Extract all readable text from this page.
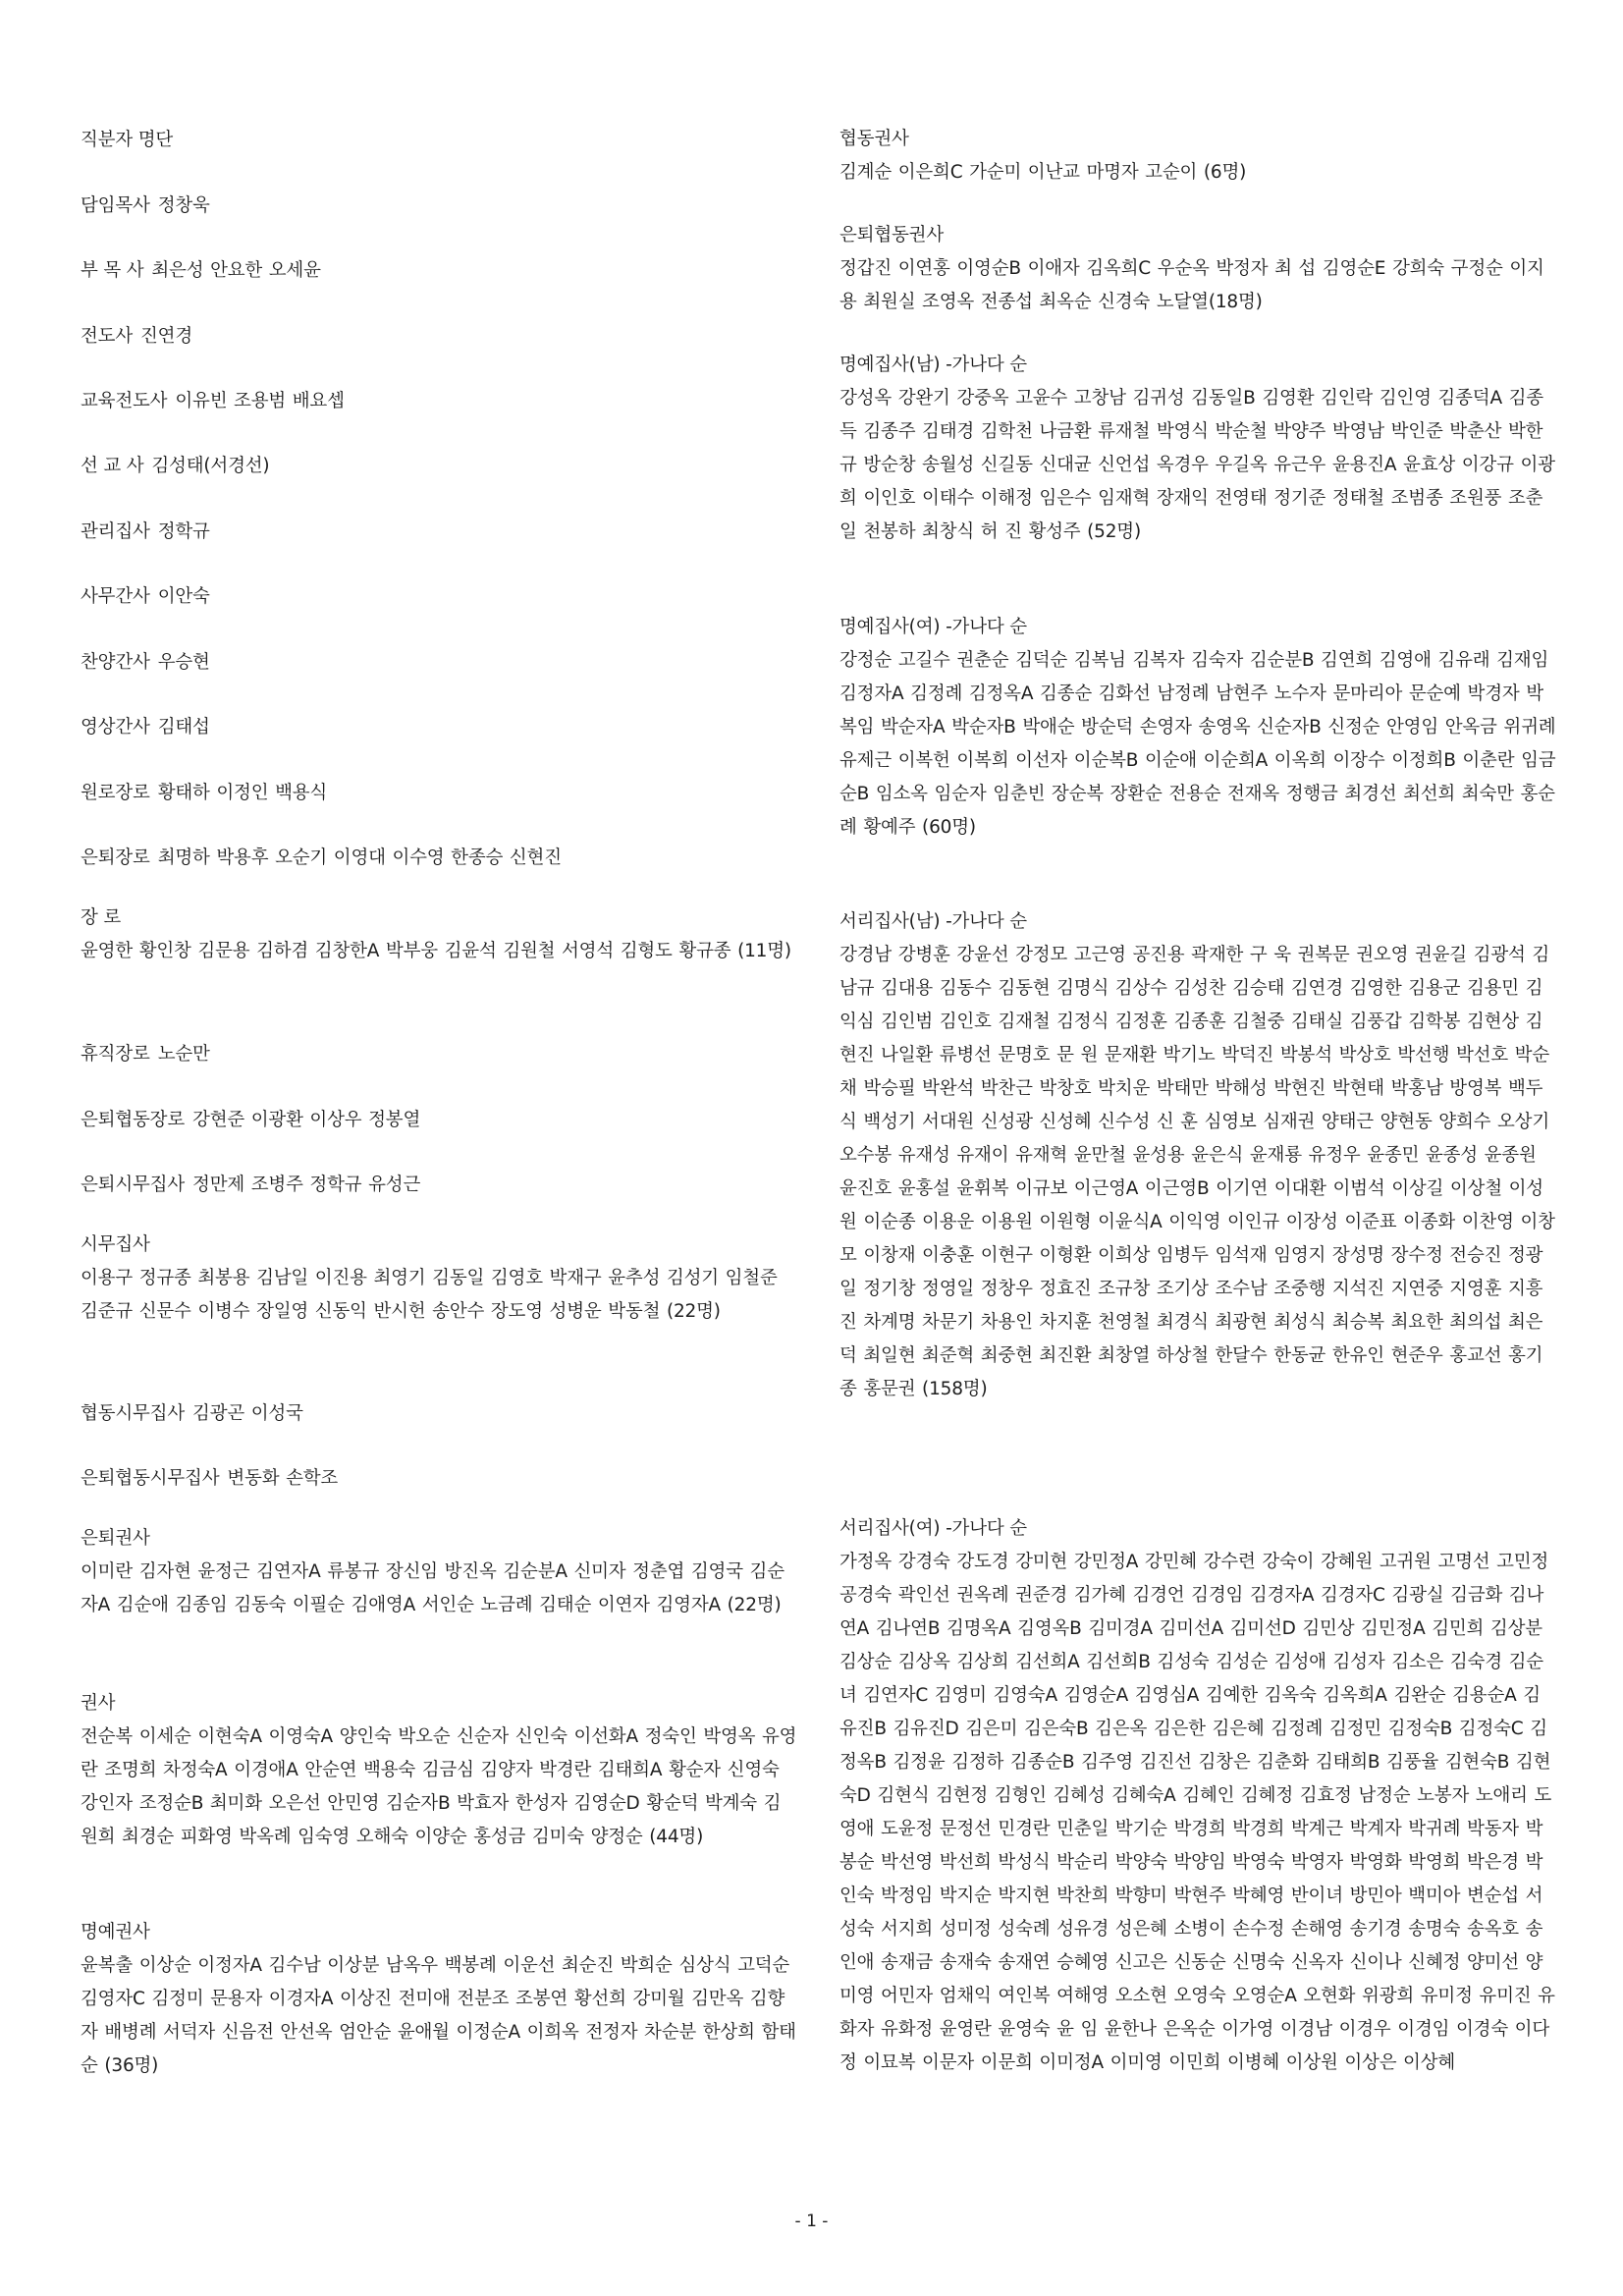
직분자 명단
담임목사 정창욱
부 목 사 최은성 안요한 오세윤
전도사 진연경
교육전도사 이유빈 조용범 배요셉
선 교 사 김성태(서경선)
관리집사 정학규
사무간사 이안숙
찬양간사 우승현
영상간사 김태섭
원로장로 황태하 이정인 백용식
은퇴장로 최명하 박용후 오순기 이영대 이수영 한종승 신현진
장 로
윤영한 황인창 김문용 김하겸 김창한A 박부웅 김윤석 김원철 서영석 김형도 황규종 (11명)
휴직장로 노순만
은퇴협동장로 강현준 이광환 이상우 정봉열
은퇴시무집사 정만제 조병주 정학규 유성근
시무집사
이용구 정규종 최봉용 김남일 이진용 최영기 김동일 김영호 박재구 윤추성 김성기 임철준 김준규 신문수 이병수 장일영 신동익 반시헌 송안수 장도영 성병운 박동철 (22명)
협동시무집사 김광곤 이성국
은퇴협동시무집사 변동화 손학조
은퇴권사
이미란 김자현 윤정근 김연자A 류봉규 장신임 방진옥 김순분A 신미자 정춘엽 김영국 김순자A 김순애 김종임 김동숙 이필순 김애영A 서인순 노금례 김태순 이연자 김영자A (22명)
권사
전순복 이세순 이현숙A 이영숙A 양인숙 박오순 신순자 신인숙 이선화A 정숙인 박영옥 유영란 조명희 차정숙A 이경애A 안순연 백용숙 김금심 김양자 박경란 김태희A 황순자 신영숙 강인자 조정순B 최미화 오은선 안민영 김순자B 박효자 한성자 김영순D 황순덕 박계숙 김원희 최경순 피화영 박옥례 임숙영 오해숙 이양순 홍성금 김미숙 양정순 (44명)
명예권사
윤복출 이상순 이정자A 김수남 이상분 남옥우 백봉례 이운선 최순진 박희순 심상식 고덕순 김영자C 김정미 문용자 이경자A 이상진 전미애 전분조 조봉연 황선희 강미월 김만옥 김향자 배병례 서덕자 신음전 안선옥 엄안순 윤애월 이정순A 이희옥 전정자 차순분 한상희 함태순 (36명)
협동권사
김계순 이은희C 가순미 이난교 마명자 고순이 (6명)
은퇴협동권사
정갑진 이연홍 이영순B 이애자 김옥희C 우순옥 박정자 최 섭 김영순E 강희숙 구정순 이지용 최원실 조영옥 전종섭 최옥순 신경숙 노달열(18명)
명예집사(남) -가나다 순
강성옥 강완기 강중옥 고윤수 고창남 김귀성 김동일B 김영환 김인락 김인영 김종덕A 김종득 김종주 김태경 김학천 나금환 류재철 박영식 박순철 박양주 박영남 박인준 박춘산 박한규 방순창 송월성 신길동 신대균 신언섭 옥경우 우길옥 유근우 윤용진A 윤효상 이강규 이광희 이인호 이태수 이해정 임은수 임재혁 장재익 전영태 정기준 정태철 조범종 조원풍 조춘일 천봉하 최창식 허 진 황성주 (52명)
명예집사(여) -가나다 순
강정순 고길수 권춘순 김덕순 김복님 김복자 김숙자 김순분B 김연희 김영애 김유래 김재임 김정자A 김정례 김정옥A 김종순 김화선 남정례 남현주 노수자 문마리아 문순예 박경자 박복임 박순자A 박순자B 박애순 방순덕 손영자 송영옥 신순자B 신정순 안영임 안옥금 위귀례 유제근 이복헌 이복희 이선자 이순복B 이순애 이순희A 이옥희 이장수 이정희B 이춘란 임금순B 임소옥 임순자 임춘빈 장순복 장환순 전용순 전재옥 정행금 최경선 최선희 최숙만 홍순례 황예주 (60명)
서리집사(남) -가나다 순
강경남 강병훈 강윤선 강정모 고근영 공진용 곽재한 구 욱 권복문 권오영 권윤길 김광석 김남규 김대용 김동수 김동현 김명식 김상수 김성찬 김승태 김연경 김영한 김용군 김용민 김익심 김인범 김인호 김재철 김정식 김정훈 김종훈 김철중 김태실 김풍갑 김학봉 김현상 김현진 나일환 류병선 문명호 문 원 문재환 박기노 박덕진 박봉석 박상호 박선행 박선호 박순채 박승필 박완석 박찬근 박창호 박치운 박태만 박해성 박현진 박현태 박홍남 방영복 백두식 백성기 서대원 신성광 신성혜 신수성 신 훈 심영보 심재권 양태근 양현동 양희수 오상기 오수봉 유재성 유재이 유재혁 윤만철 윤성용 윤은식 윤재룡 유정우 윤종민 윤종성 윤종원 윤진호 윤홍설 윤휘복 이규보 이근영A 이근영B 이기연 이대환 이범석 이상길 이상철 이성원 이순종 이용운 이용원 이원형 이윤식A 이익영 이인규 이장성 이준표 이종화 이찬영 이창모 이창재 이충훈 이현구 이형환 이희상 임병두 임석재 임영지 장성명 장수정 전승진 정광일 정기창 정영일 정창우 정효진 조규창 조기상 조수남 조중행 지석진 지연중 지영훈 지흥진 차계명 차문기 차용인 차지훈 천영철 최경식 최광현 최성식 최승복 최요한 최의섭 최은덕 최일현 최준혁 최중현 최진환 최창열 하상철 한달수 한동균 한유인 현준우 홍교선 홍기종 홍문권 (158명)
서리집사(여) -가나다 순
가정옥 강경숙 강도경 강미현 강민정A 강민혜 강수련 강숙이 강혜원 고귀원 고명선 고민정 공경숙 곽인선 권옥례 권준경 김가혜 김경언 김경임 김경자A 김경자C 김광실 김금화 김나연A 김나연B 김명옥A 김영옥B 김미경A 김미선A 김미선D 김민상 김민정A 김민희 김상분 김상순 김상옥 김상희 김선희A 김선희B 김성숙 김성순 김성애 김성자 김소은 김숙경 김순녀 김연자C 김영미 김영숙A 김영순A 김영심A 김예한 김옥숙 김옥희A 김완순 김용순A 김유진B 김유진D 김은미 김은숙B 김은옥 김은한 김은혜 김정례 김정민 김정숙B 김정숙C 김정옥B 김정윤 김정하 김종순B 김주영 김진선 김창은 김춘화 김태희B 김풍율 김현숙B 김현숙D 김현식 김현정 김형인 김혜성 김혜숙A 김혜인 김혜정 김효정 남정순 노봉자 노애리 도영애 도윤정 문정선 민경란 민춘일 박기순 박경희 박경희 박계근 박계자 박귀례 박동자 박봉순 박선영 박선희 박성식 박순리 박양숙 박양임 박영숙 박영자 박영화 박영희 박은경 박인숙 박정임 박지순 박지현 박찬희 박향미 박현주 박혜영 반이녀 방민아 백미아 변순섭 서성숙 서지희 성미정 성숙례 성유경 성은혜 소병이 손수정 손해영 송기경 송명숙 송옥호 송인애 송재금 송재숙 송재연 승혜영 신고은 신동순 신명숙 신옥자 신이나 신혜정 양미선 양미영 어민자 엄채익 여인복 여해영 오소현 오영숙 오영순A 오현화 위광희 유미정 유미진 유화자 유화정 윤영란 윤영숙 윤 임 윤한나 은옥순 이가영 이경남 이경우 이경임 이경숙 이다정 이묘복 이문자 이문희 이미정A 이미영 이민희 이병혜 이상원 이상은 이상혜
- 1 -
